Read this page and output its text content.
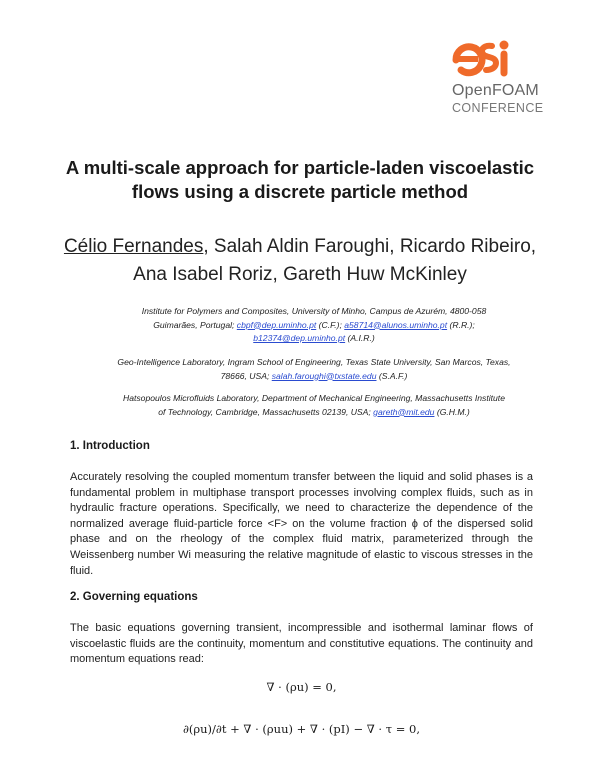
OpenFOAM
CONFERENCE
A multi-scale approach for particle-laden viscoelastic
flows using a discrete particle method
Célio Fernandes, Salah Aldin Faroughi, Ricardo Ribeiro,
Ana Isabel Roriz, Gareth Huw McKinley
Institute for Polymers and Composites, University of Minho, Campus de Azurém, 4800-058
Guimarães, Portugal; cbpf@dep.uminho.pt (C.F.); a58714@alunos.uminho.pt (R.R.);
b12374@dep.uminho.pt (A.I.R.)
Geo-Intelligence Laboratory, Ingram School of Engineering, Texas State University, San Marcos, Texas,
78666, USA; salah.faroughi@txstate.edu (S.A.F.)
Hatsopoulos Microfluids Laboratory, Department of Mechanical Engineering, Massachusetts Institute
of Technology, Cambridge, Massachusetts 02139, USA; gareth@mit.edu (G.H.M.)
1. Introduction
Accurately resolving the coupled momentum transfer between the liquid and solid phases is a fundamental problem in multiphase transport processes involving complex fluids, such as in hydraulic fracture operations. Specifically, we need to characterize the dependence of the normalized average fluid-particle force <F> on the volume fraction ϕ of the dispersed solid phase and on the rheology of the complex fluid matrix, parameterized through the Weissenberg number Wi measuring the relative magnitude of elastic to viscous stresses in the fluid.
2. Governing equations
The basic equations governing transient, incompressible and isothermal laminar flows of viscoelastic fluids are the continuity, momentum and constitutive equations. The continuity and momentum equations read:
∇ · (ρu) = 0,
∂(ρu)/∂t + ∇ · (ρuu) + ∇ · (pI) − ∇ · τ = 0,
